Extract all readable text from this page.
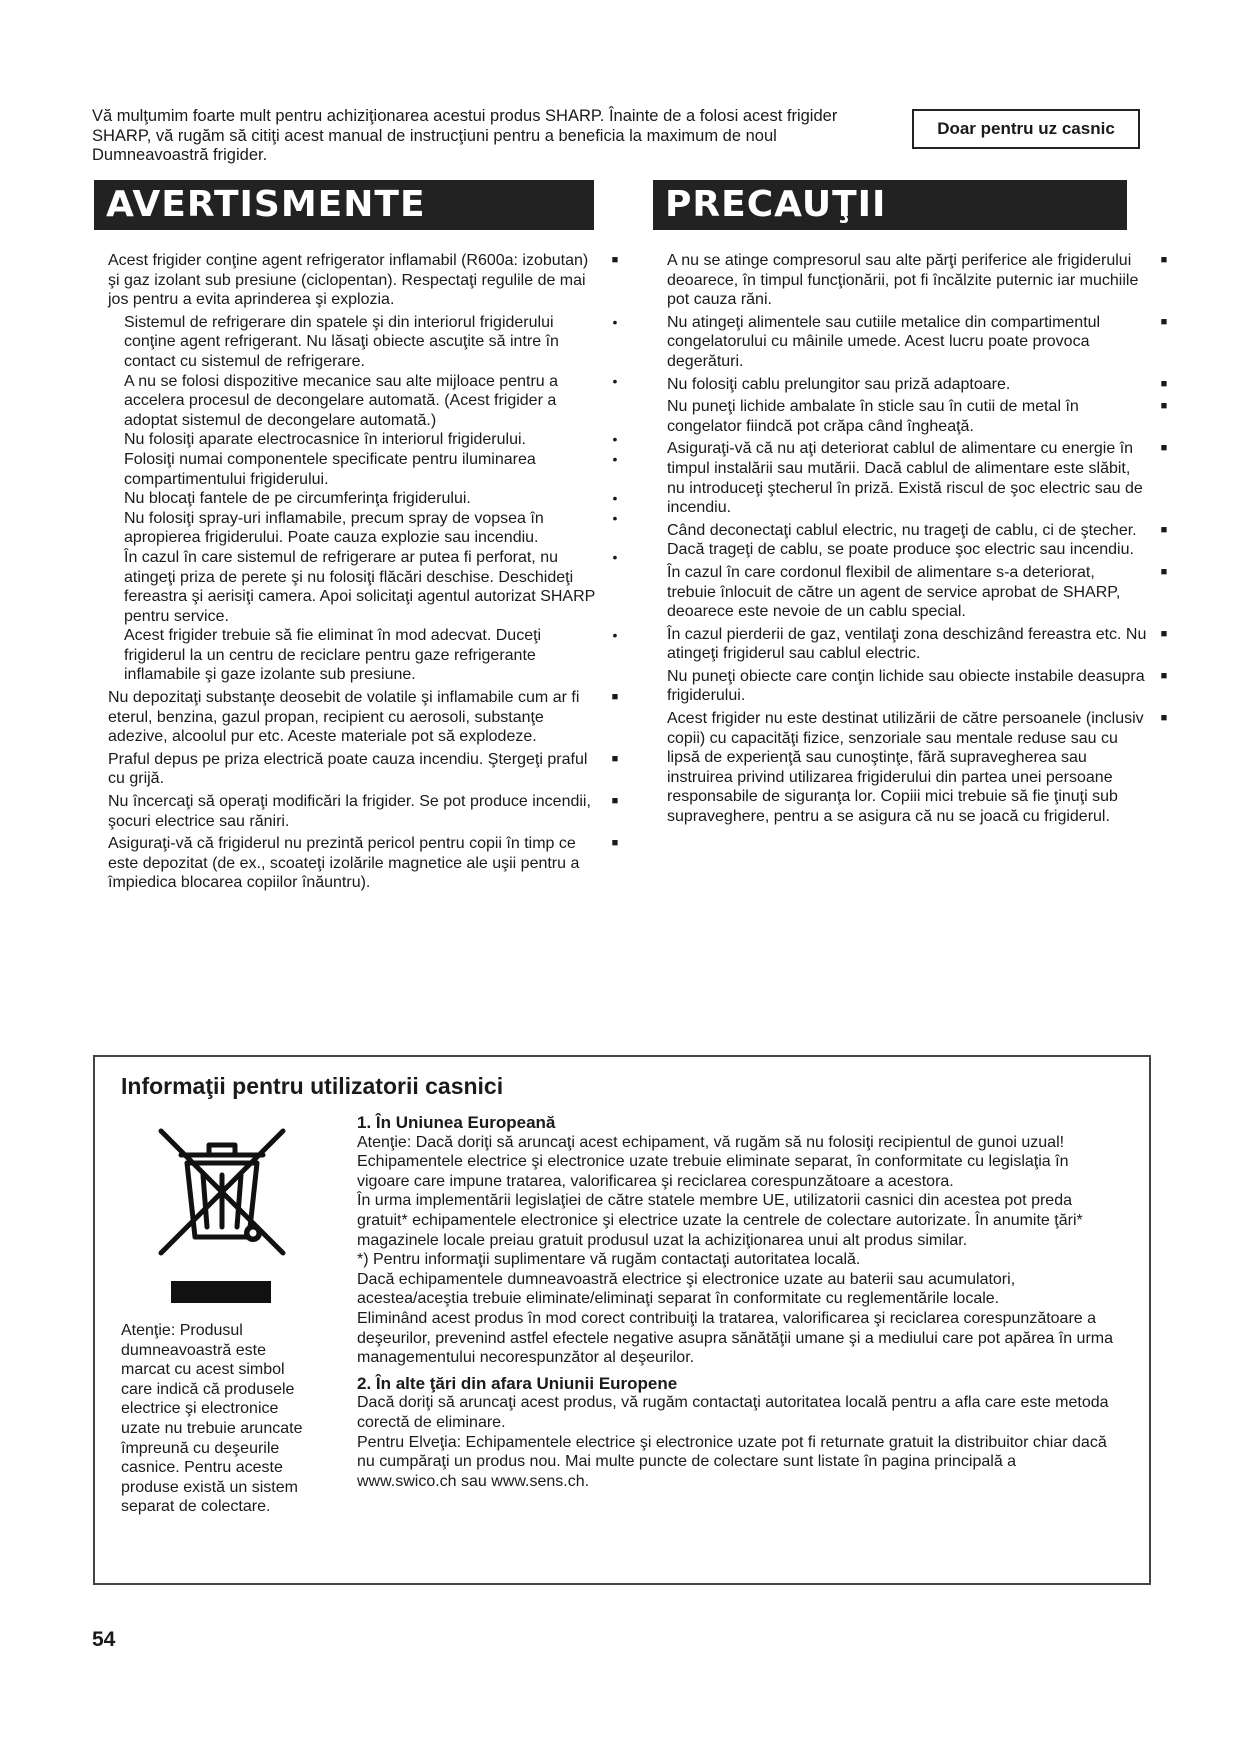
Vă mulţumim foarte mult pentru achiziţionarea acestui produs SHARP. Înainte de a folosi acest frigider SHARP, vă rugăm să citiţi acest manual de instrucţiuni pentru a beneficia la maximum de noul Dumneavoastră frigider.
Doar pentru uz casnic
AVERTISMENTE	PRECAUŢII
Acest frigider conţine agent refrigerator inflamabil (R600a: izobutan) şi gaz izolant sub presiune (ciclopentan). Respectaţi regulile de mai jos pentru a evita aprinderea şi explozia.
■
Sistemul de refrigerare din spatele şi din interiorul frigiderului conţine agent refrigerant. Nu lăsaţi obiecte ascuţite să intre în contact cu sistemul de refrigerare.
•
A nu se folosi dispozitive mecanice sau alte mijloace pentru a accelera procesul de decongelare automată. (Acest frigider a adoptat sistemul de decongelare automată.)
•
Nu folosiţi aparate electrocasnice în interiorul frigiderului.	•
Folosiţi numai componentele specificate pentru iluminarea compartimentului frigiderului.
•
Nu blocaţi fantele de pe circumferinţa frigiderului.	•
Nu folosiţi spray-uri inflamabile, precum spray de vopsea în apropierea frigiderului. Poate cauza explozie sau incendiu.
•
În cazul în care sistemul de refrigerare ar putea fi perforat, nu atingeţi priza de perete şi nu folosiţi flăcări deschise. Deschideţi fereastra şi aerisiţi camera. Apoi solicitaţi agentul autorizat SHARP pentru service.
•
Acest frigider trebuie să fie eliminat în mod adecvat. Duceţi frigiderul la un centru de reciclare pentru gaze refrigerante inflamabile şi gaze izolante sub presiune.
•
Nu depozitaţi substanţe deosebit de volatile şi inflamabile cum ar fi eterul, benzina, gazul propan, recipient cu aerosoli, substanţe adezive, alcoolul pur etc. Aceste materiale pot să explodeze.
■
Praful depus pe priza electrică poate cauza incendiu. Ştergeţi praful cu grijă.
■
Nu încercaţi să operaţi modificări la frigider. Se pot produce incendii, şocuri electrice sau răniri.
■
Asiguraţi-vă că frigiderul nu prezintă pericol pentru copii în timp ce este depozitat (de ex., scoateţi izolările magnetice ale uşii pentru a împiedica blocarea copiilor înăuntru).
■
A nu se atinge compresorul sau alte părţi periferice ale frigiderului deoarece, în timpul funcţionării, pot fi încălzite puternic iar muchiile pot cauza răni.
■
Nu atingeţi alimentele sau cutiile metalice din compartimentul congelatorului cu mâinile umede. Acest lucru poate provoca degerături.
■
Nu folosiţi cablu prelungitor sau priză adaptoare.	■
Nu puneţi lichide ambalate în sticle sau în cutii de metal în congelator fiindcă pot crăpa când îngheaţă.
■
Asiguraţi-vă că nu aţi deteriorat cablul de alimentare cu energie în timpul instalării sau mutării. Dacă cablul de alimentare este slăbit, nu introduceţi ştecherul în priză. Există riscul de şoc electric sau de incendiu.
■
Când deconectaţi cablul electric, nu trageţi de cablu, ci de ştecher. Dacă trageţi de cablu, se poate produce şoc electric sau incendiu.
■
În cazul în care cordonul flexibil de alimentare s-a deteriorat, trebuie înlocuit de către un agent de service aprobat de SHARP, deoarece este nevoie de un cablu special.
■
În cazul pierderii de gaz, ventilaţi zona deschizând fereastra etc. Nu atingeţi frigiderul sau cablul electric.
■
Nu puneţi obiecte care conţin lichide sau obiecte instabile deasupra frigiderului.
■
Acest frigider nu este destinat utilizării de către persoanele (inclusiv copii) cu capacităţi fizice, senzoriale sau mentale reduse sau cu lipsă de experienţă sau cunoştinţe, fără supravegherea sau instruirea privind utilizarea frigiderului din partea unei persoane responsabile de siguranţa lor. Copiii mici trebuie să fie ţinuţi sub supraveghere, pentru a se asigura că nu se joacă cu frigiderul.
■
Informaţii pentru utilizatorii casnici
Atenţie: Produsul dumneavoastră este marcat cu acest simbol care indică că produsele electrice şi electronice uzate nu trebuie aruncate împreună cu deşeurile casnice. Pentru aceste produse există un sistem separat de colectare.
1. În Uniunea Europeană

Atenţie: Dacă doriţi să aruncaţi acest echipament, vă rugăm să nu folosiţi recipientul de gunoi uzual!

Echipamentele electrice şi electronice uzate trebuie eliminate separat, în conformitate cu legislaţia în vigoare care impune tratarea, valorificarea şi reciclarea corespunzătoare a acestora.

În urma implementării legislaţiei de către statele membre UE, utilizatorii casnici din acestea pot preda gratuit* echipamentele electronice şi electrice uzate la centrele de colectare autorizate. În anumite ţări* magazinele locale preiau gratuit produsul uzat la achiziţionarea unui alt produs similar.

*) Pentru informaţii suplimentare vă rugăm contactaţi autoritatea locală.

Dacă echipamentele dumneavoastră electrice şi electronice uzate au baterii sau acumulatori, acestea/aceştia trebuie eliminate/eliminaţi separat în conformitate cu reglementările locale.

Eliminând acest produs în mod corect contribuiţi la tratarea, valorificarea şi reciclarea corespunzătoare a deşeurilor, prevenind astfel efectele negative asupra sănătăţii umane şi a mediului care pot apărea în urma managementului necorespunzător al deşeurilor.

2. În alte ţări din afara Uniunii Europene

Dacă doriţi să aruncaţi acest produs, vă rugăm contactaţi autoritatea locală pentru a afla care este metoda corectă de eliminare.

Pentru Elveţia: Echipamentele electrice şi electronice uzate pot fi returnate gratuit la distribuitor chiar dacă nu cumpăraţi un produs nou. Mai multe puncte de colectare sunt listate în pagina principală a www.swico.ch sau www.sens.ch.

54
